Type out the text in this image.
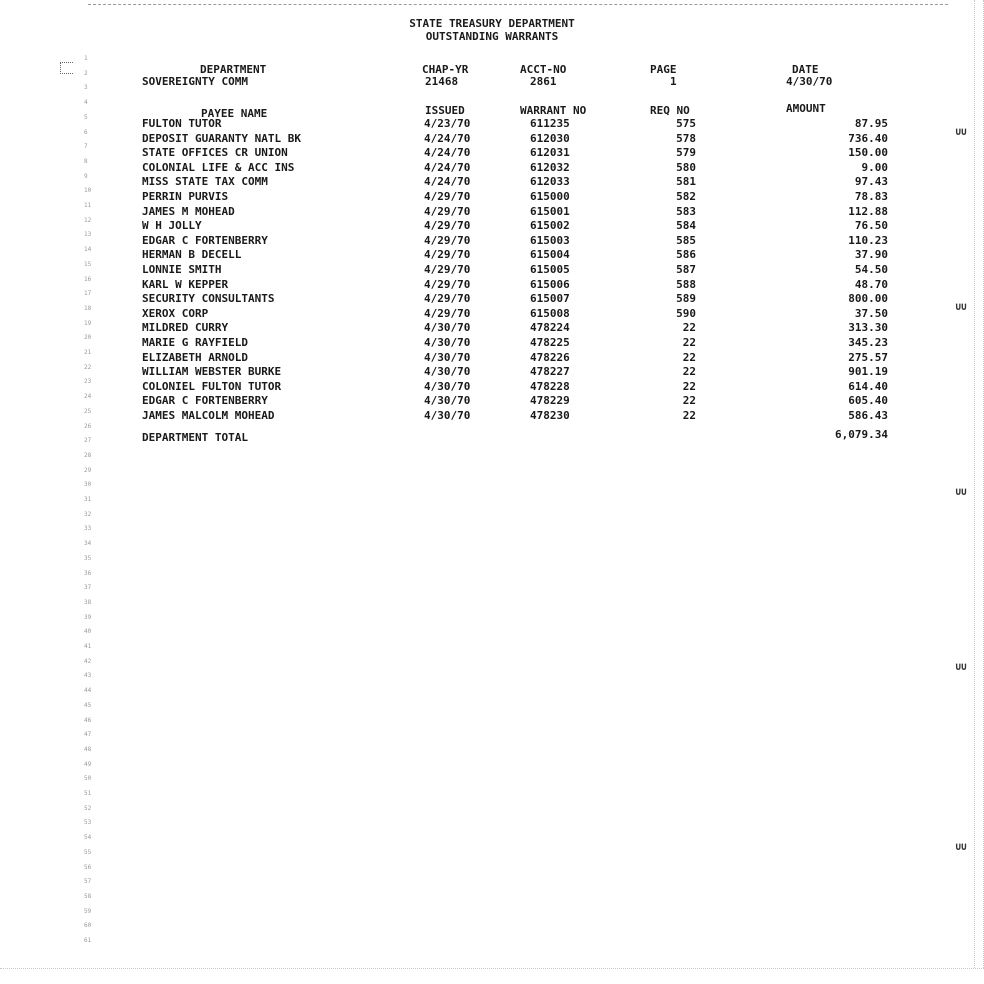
∪∪
∪∪
∪∪
∪∪
∪∪
1
2
3
4
5
6
7
8
9
10
11
12
13
14
15
16
17
18
19
20
21
22
23
24
25
26
27
28
29
30
31
32
33
34
35
36
37
38
39
40
41
42
43
44
45
46
47
48
49
50
51
52
53
54
55
56
57
58
59
60
61
STATE TREASURY DEPARTMENT
OUTSTANDING WARRANTS
DEPARTMENT	CHAP-YR	ACCT-NO	PAGE	DATE
SOVEREIGNTY COMM	21468	2861	1	4/30/70
PAYEE NAME	ISSUED	WARRANT NO	REQ NO	AMOUNT
FULTON TUTOR	4/23/70	611235	575	87.95
DEPOSIT GUARANTY NATL BK	4/24/70	612030	578	736.40
STATE OFFICES CR UNION	4/24/70	612031	579	150.00
COLONIAL LIFE & ACC INS	4/24/70	612032	580	9.00
MISS STATE TAX COMM	4/24/70	612033	581	97.43
PERRIN PURVIS	4/29/70	615000	582	78.83
JAMES M MOHEAD	4/29/70	615001	583	112.88
W H JOLLY	4/29/70	615002	584	76.50
EDGAR C FORTENBERRY	4/29/70	615003	585	110.23
HERMAN B DECELL	4/29/70	615004	586	37.90
LONNIE SMITH	4/29/70	615005	587	54.50
KARL W KEPPER	4/29/70	615006	588	48.70
SECURITY CONSULTANTS	4/29/70	615007	589	800.00
XEROX CORP	4/29/70	615008	590	37.50
MILDRED CURRY	4/30/70	478224	22	313.30
MARIE G RAYFIELD	4/30/70	478225	22	345.23
ELIZABETH ARNOLD	4/30/70	478226	22	275.57
WILLIAM WEBSTER BURKE	4/30/70	478227	22	901.19
COLONIEL FULTON TUTOR	4/30/70	478228	22	614.40
EDGAR C FORTENBERRY	4/30/70	478229	22	605.40
JAMES MALCOLM MOHEAD	4/30/70	478230	22	586.43
DEPARTMENT TOTAL	6,079.34
